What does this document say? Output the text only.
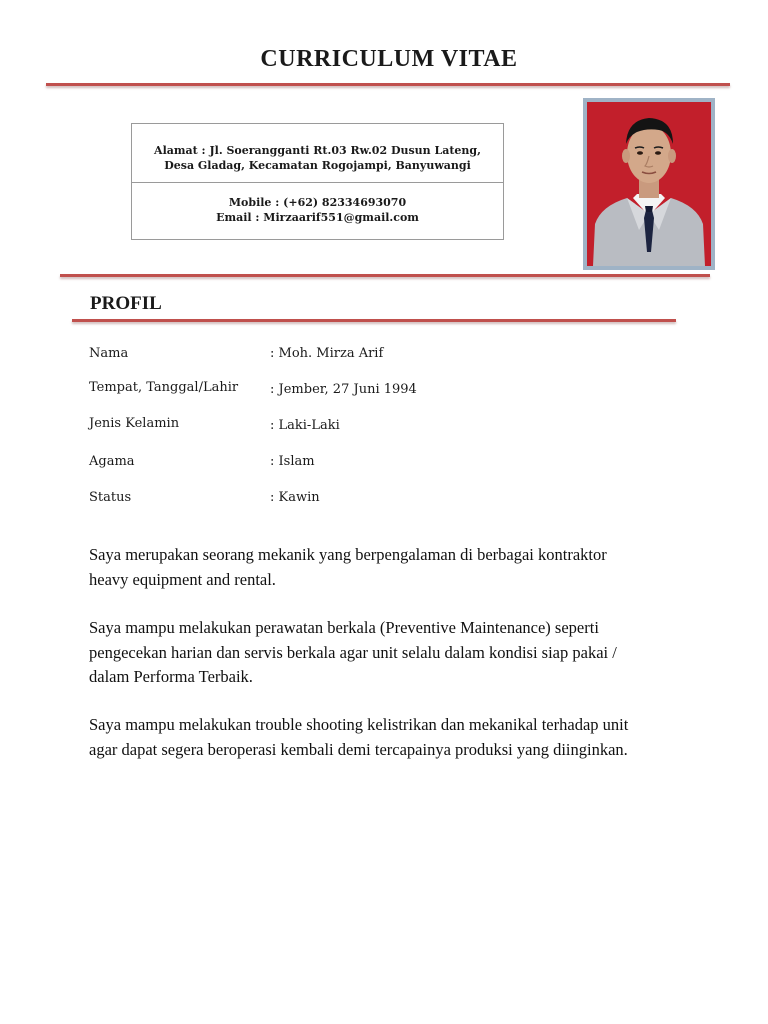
CURRICULUM VITAE
Alamat : Jl. Soerangganti Rt.03 Rw.02 Dusun Lateng, Desa Gladag, Kecamatan Rogojampi, Banyuwangi
Mobile : (+62) 82334693070
Email : Mirzaarif551@gmail.com
PROFIL
Nama	: Moh. Mirza Arif
Tempat, Tanggal/Lahir : Jember, 27 Juni 1994
Jenis Kelamin	: Laki-Laki
Agama	: Islam
Status	: Kawin

Saya merupakan seorang mekanik yang berpengalaman di berbagai kontraktor heavy equipment and rental.

Saya mampu melakukan perawatan berkala (Preventive Maintenance) seperti pengecekan harian dan servis berkala agar unit selalu dalam kondisi siap pakai / dalam Performa Terbaik.

Saya mampu melakukan trouble shooting kelistrikan dan mekanikal terhadap unit agar dapat segera beroperasi kembali demi tercapainya produksi yang diinginkan.
